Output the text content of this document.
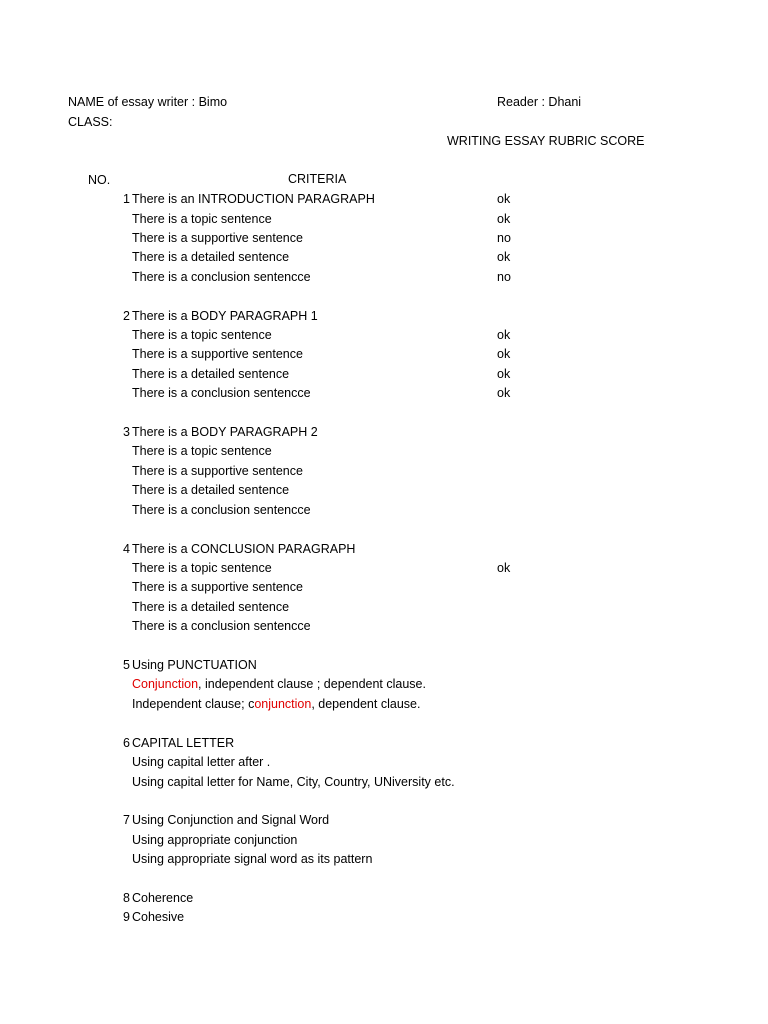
NAME of essay writer : Bimo	Reader : Dhani
CLASS:
WRITING ESSAY RUBRIC SCORE
NO.	CRITERIA
1 There is an INTRODUCTION PARAGRAPH	ok
There is a topic sentence	ok
There is a supportive sentence	no
There is a detailed sentence	ok
There is a conclusion sentencce	no
2 There is a BODY PARAGRAPH 1
There is a topic sentence	ok
There is a supportive sentence	ok
There is a detailed sentence	ok
There is a conclusion sentencce	ok
3 There is a BODY PARAGRAPH 2
There is a topic sentence
There is a supportive sentence
There is a detailed sentence
There is a conclusion sentencce
4 There is a CONCLUSION PARAGRAPH
There is a topic sentence	ok
There is a supportive sentence
There is a detailed sentence
There is a conclusion sentencce
5 Using PUNCTUATION
Conjunction, independent clause ; dependent clause.
Independent clause; conjunction, dependent clause.
6 CAPITAL LETTER
Using capital letter after .
Using capital letter for Name, City, Country, UNiversity etc.
7 Using Conjunction and Signal Word
Using appropriate conjunction
Using appropriate signal word as its pattern
8 Coherence
9 Cohesive
